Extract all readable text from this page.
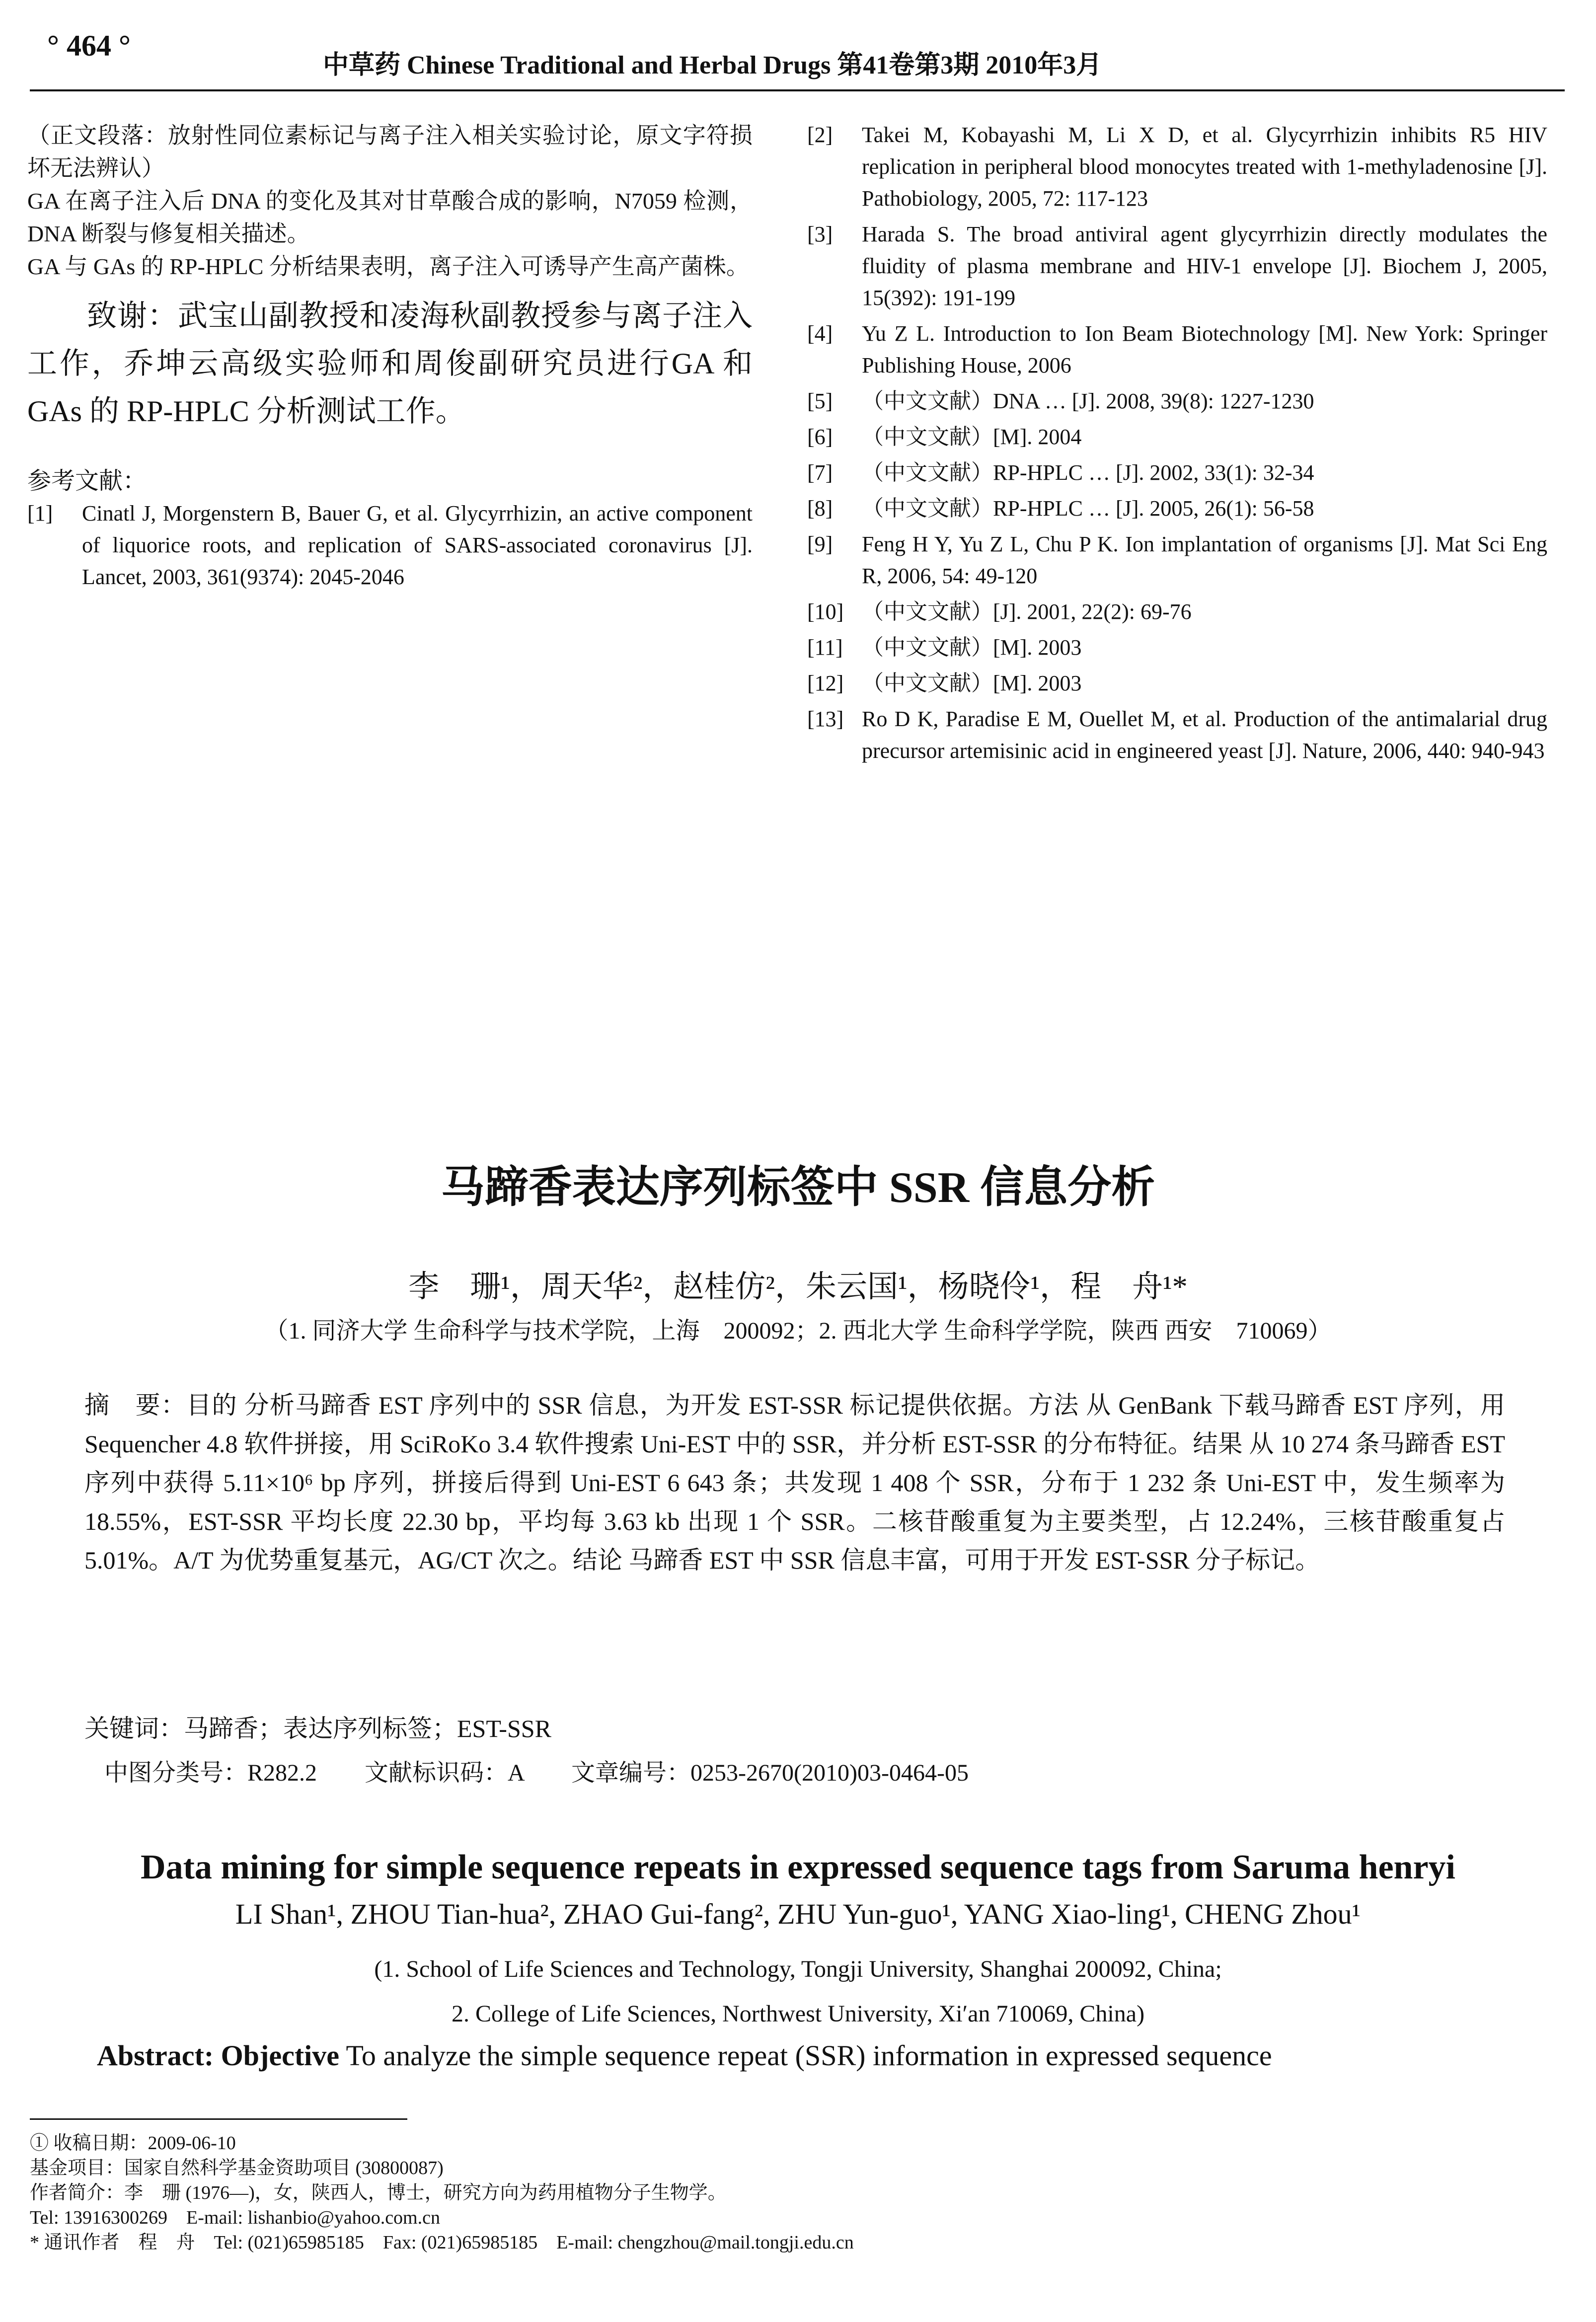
° 464 °
中草药 Chinese Traditional and Herbal Drugs 第41卷第3期 2010年3月

（正文段落：放射性同位素标记与离子注入相关实验讨论，原文字符损坏无法辨认）

GA 在离子注入后 DNA 的变化及其对甘草酸合成的影响，N7059 检测，DNA 断裂与修复相关描述。

GA 与 GAs 的 RP-HPLC 分析结果表明，离子注入可诱导产生高产菌株。

致谢：武宝山副教授和凌海秋副教授参与离子注入工作，乔坤云高级实验师和周俊副研究员进行GA 和 GAs 的 RP-HPLC 分析测试工作。

参考文献：
[1]	Cinatl J, Morgenstern B, Bauer G, et al. Glycyrrhizin, an active component of liquorice roots, and replication of SARS-associated coronavirus [J]. Lancet, 2003, 361(9374): 2045-2046
[2]	Takei M, Kobayashi M, Li X D, et al. Glycyrrhizin inhibits R5 HIV replication in peripheral blood monocytes treated with 1-methyladenosine [J]. Pathobiology, 2005, 72: 117-123
[3]	Harada S. The broad antiviral agent glycyrrhizin directly modulates the fluidity of plasma membrane and HIV-1 envelope [J]. Biochem J, 2005, 15(392): 191-199
[4]	Yu Z L. Introduction to Ion Beam Biotechnology [M]. New York: Springer Publishing House, 2006
[5]	（中文文献）DNA … [J]. 2008, 39(8): 1227-1230
[6]	（中文文献）[M]. 2004
[7]	（中文文献）RP-HPLC … [J]. 2002, 33(1): 32-34
[8]	（中文文献）RP-HPLC … [J]. 2005, 26(1): 56-58
[9]	Feng H Y, Yu Z L, Chu P K. Ion implantation of organisms [J]. Mat Sci Eng R, 2006, 54: 49-120
[10] （中文文献）[J]. 2001, 22(2): 69-76
[11] （中文文献）[M]. 2003
[12] （中文文献）[M]. 2003
[13] Ro D K, Paradise E M, Ouellet M, et al. Production of the antimalarial drug precursor artemisinic acid in engineered yeast [J]. Nature, 2006, 440: 940-943
马蹄香表达序列标签中 SSR 信息分析
李　珊¹，周天华²，赵桂仿²，朱云国¹，杨晓伶¹，程　舟¹*
（1. 同济大学 生命科学与技术学院，上海　200092；2. 西北大学 生命科学学院，陕西 西安　710069）
摘　要：目的 分析马蹄香 EST 序列中的 SSR 信息，为开发 EST-SSR 标记提供依据。方法 从 GenBank 下载马蹄香 EST 序列，用 Sequencher 4.8 软件拼接，用 SciRoKo 3.4 软件搜索 Uni-EST 中的 SSR，并分析 EST-SSR 的分布特征。结果 从 10 274 条马蹄香 EST 序列中获得 5.11×10⁶ bp 序列，拼接后得到 Uni-EST 6 643 条；共发现 1 408 个 SSR，分布于 1 232 条 Uni-EST 中，发生频率为 18.55%，EST-SSR 平均长度 22.30 bp，平均每 3.63 kb 出现 1 个 SSR。二核苷酸重复为主要类型，占 12.24%，三核苷酸重复占 5.01%。A/T 为优势重复基元，AG/CT 次之。结论 马蹄香 EST 中 SSR 信息丰富，可用于开发 EST-SSR 分子标记。
关键词：马蹄香；表达序列标签；EST-SSR
中图分类号：R282.2　　文献标识码：A　　文章编号：0253-2670(2010)03-0464-05
Data mining for simple sequence repeats in expressed sequence tags from Saruma henryi
LI Shan¹, ZHOU Tian-hua², ZHAO Gui-fang², ZHU Yun-guo¹, YANG Xiao-ling¹, CHENG Zhou¹
(1. School of Life Sciences and Technology, Tongji University, Shanghai 200092, China;
2. College of Life Sciences, Northwest University, Xi′an 710069, China)
Abstract: Objective To analyze the simple sequence repeat (SSR) information in expressed sequence
① 收稿日期：2009-06-10
基金项目：国家自然科学基金资助项目 (30800087)
作者简介：李　珊 (1976—)，女，陕西人，博士，研究方向为药用植物分子生物学。
Tel: 13916300269　E-mail: lishanbio@yahoo.com.cn
* 通讯作者　程　舟　Tel: (021)65985185　Fax: (021)65985185　E-mail: chengzhou@mail.tongji.edu.cn
